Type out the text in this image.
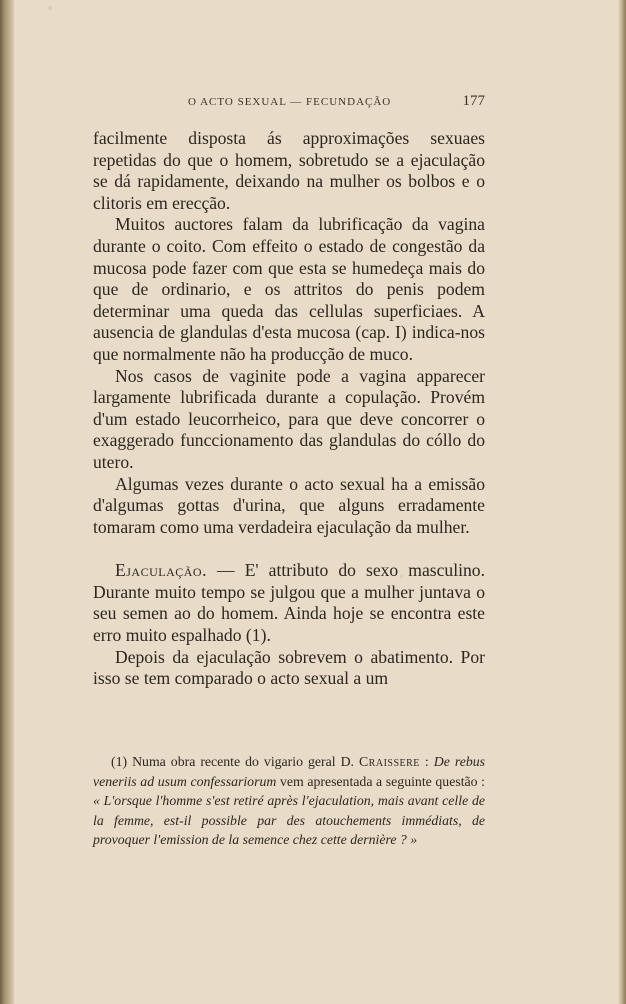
O ACTO SEXUAL — FECUNDAÇÃO	177

facilmente disposta ás approximações sexuaes repetidas do que o homem, sobretudo se a ejaculação se dá rapidamente, deixando na mulher os bolbos e o clitoris em erecção.

Muitos auctores falam da lubrificação da vagina durante o coito. Com effeito o estado de congestão da mucosa pode fazer com que esta se humedeça mais do que de ordinario, e os attritos do penis podem determinar uma queda das cellulas superficiaes. A ausencia de glandulas d'esta mucosa (cap. I) indica-nos que normalmente não ha producção de muco.

Nos casos de vaginite pode a vagina apparecer largamente lubrificada durante a copulação. Provém d'um estado leucorrheico, para que deve concorrer o exaggerado funccionamento das glandulas do cóllo do utero.

Algumas vezes durante o acto sexual ha a emissão d'algumas gottas d'urina, que alguns erradamente tomaram como uma verdadeira ejaculação da mulher.

Ejaculação. — E' attributo do sexo masculino. Durante muito tempo se julgou que a mulher juntava o seu semen ao do homem. Ainda hoje se encontra este erro muito espalhado (1).

Depois da ejaculação sobrevem o abatimento. Por isso se tem comparado o acto sexual a um

(1) Numa obra recente do vigario geral D. Craissere : De rebus veneriis ad usum confessariorum vem apresentada a seguinte questão : « L'orsque l'homme s'est retiré après l'ejaculation, mais avant celle de la femme, est-il possible par des atouchements immédiats, de provoquer l'emission de la semence chez cette dernière ? »
